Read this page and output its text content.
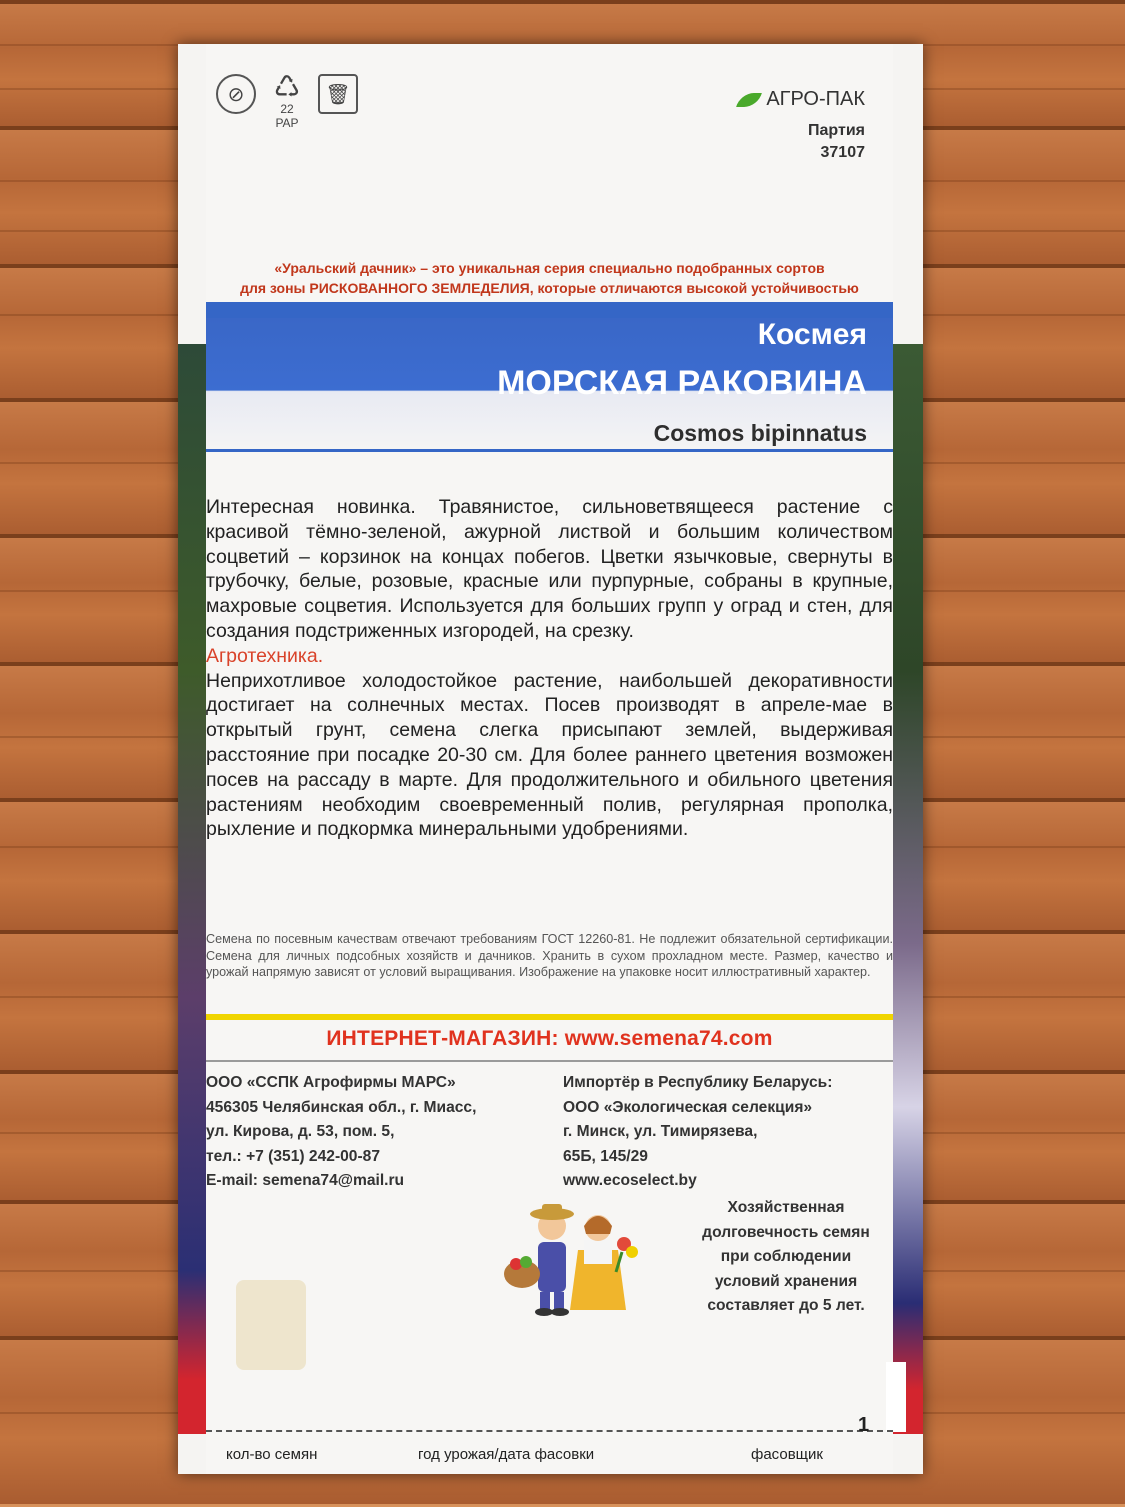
⊘ ♺
22
PAP
🗑	АГРО-ПАК
Партия
37107
«Уральский дачник» – это уникальная серия специально подобранных сортов
для зоны РИСКОВАННОГО ЗЕМЛЕДЕЛИЯ, которые отличаются высокой устойчивостью
Космея
МОРСКАЯ РАКОВИНА
Cosmos bipinnatus

Интересная новинка. Травянистое, сильноветвящееся растение с красивой тёмно-зеленой, ажурной листвой и большим количеством соцветий – корзинок на концах побегов. Цветки язычковые, свернуты в трубочку, белые, розовые, красные или пурпурные, собраны в крупные, махровые соцветия. Используется для больших групп у оград и стен, для создания подстриженных изгородей, на срезку.

Агротехника.

Неприхотливое холодостойкое растение, наибольшей декоративности достигает на солнечных местах. Посев производят в апреле-мае в открытый грунт, семена слегка присыпают землей, выдерживая расстояние при посадке 20-30 см. Для более раннего цветения возможен посев на рассаду в марте. Для продолжительного и обильного цветения растениям необходим своевременный полив, регулярная прополка, рыхление и подкормка минеральными удобрениями.

Семена по посевным качествам отвечают требованиям ГОСТ 12260-81. Не подлежит обязательной сертификации. Семена для личных подсобных хозяйств и дачников. Хранить в сухом прохладном месте. Размер, качество и урожай напрямую зависят от условий выращивания. Изображение на упаковке носит иллюстративный характер.
ИНТЕРНЕТ-МАГАЗИН: www.semena74.com
ООО «ССПК Агрофирмы МАРС»
456305 Челябинская обл., г. Миасс,
ул. Кирова, д. 53, пом. 5,
тел.: +7 (351) 242-00-87
E-mail: semena74@mail.ru
Импортёр в Республику Беларусь:
ООО «Экологическая селекция»
г. Минск, ул. Тимирязева,
65Б, 145/29
www.ecoselect.by
Хозяйственная
долговечность семян
при соблюдении
условий хранения
составляет до 5 лет.
кол-во семян	год урожая/дата фасовки	фасовщик
1
